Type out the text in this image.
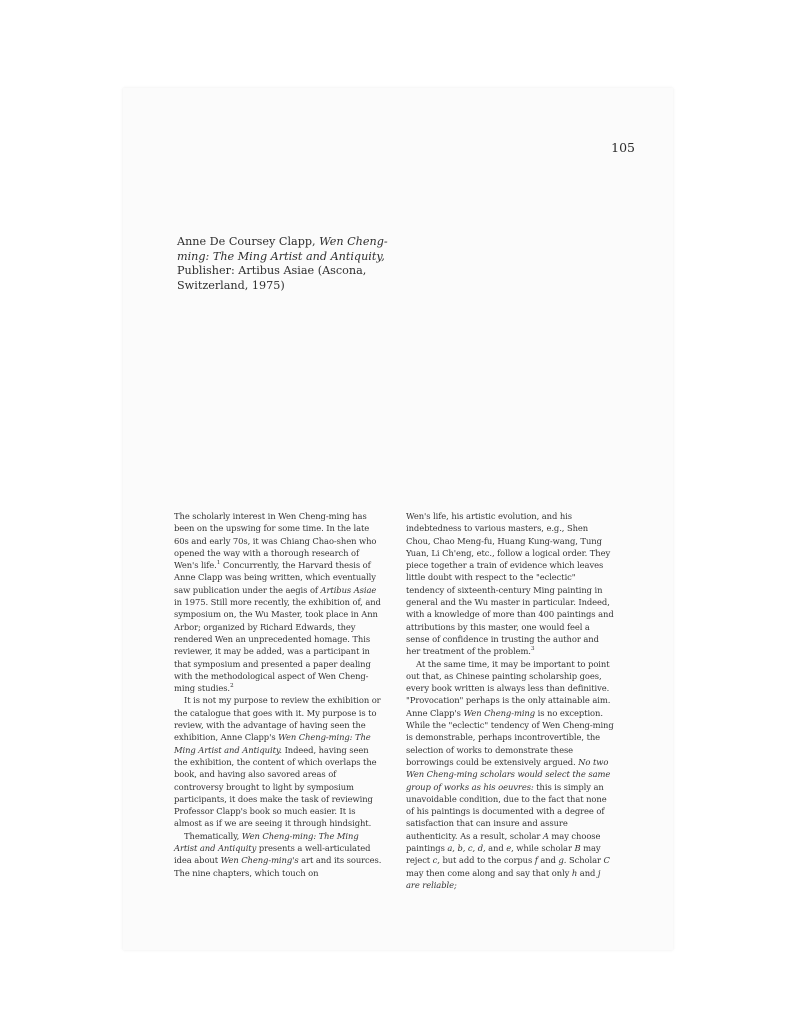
105
Anne De Coursey Clapp, Wen Cheng-ming: The Ming Artist and Antiquity, Publisher: Artibus Asiae (Ascona, Switzerland, 1975)

The scholarly interest in Wen Cheng-ming has been on the upswing for some time. In the late 60s and early 70s, it was Chiang Chao-shen who opened the way with a thorough research of Wen's life.$^1$ Concurrently, the Harvard thesis of Anne Clapp was being written, which eventually saw publication under the aegis of Artibus Asiae in 1975. Still more recently, the exhibition of, and symposium on, the Wu Master, took place in Ann Arbor; organized by Richard Edwards, they rendered Wen an unprecedented homage. This reviewer, it may be added, was a participant in that symposium and presented a paper dealing with the methodological aspect of Wen Cheng-ming studies.$^2$

It is not my purpose to review the exhibition or the catalogue that goes with it. My purpose is to review, with the advantage of having seen the exhibition, Anne Clapp's Wen Cheng-ming: The Ming Artist and Antiquity. Indeed, having seen the exhibition, the content of which overlaps the book, and having also savored areas of controversy brought to light by symposium participants, it does make the task of reviewing Professor Clapp's book so much easier. It is almost as if we are seeing it through hindsight.

Thematically, Wen Cheng-ming: The Ming Artist and Antiquity presents a well-articulated idea about Wen Cheng-ming's art and its sources. The nine chapters, which touch on

Wen's life, his artistic evolution, and his indebtedness to various masters, e.g., Shen Chou, Chao Meng-fu, Huang Kung-wang, Tung Yuan, Li Ch'eng, etc., follow a logical order. They piece together a train of evidence which leaves little doubt with respect to the "eclectic" tendency of sixteenth-century Ming painting in general and the Wu master in particular. Indeed, with a knowledge of more than 400 paintings and attributions by this master, one would feel a sense of confidence in trusting the author and her treatment of the problem.$^3$

At the same time, it may be important to point out that, as Chinese painting scholarship goes, every book written is always less than definitive. "Provocation" perhaps is the only attainable aim. Anne Clapp's Wen Cheng-ming is no exception. While the "eclectic" tendency of Wen Cheng-ming is demonstrable, perhaps incontrovertible, the selection of works to demonstrate these borrowings could be extensively argued. No two Wen Cheng-ming scholars would select the same group of works as his oeuvres: this is simply an unavoidable condition, due to the fact that none of his paintings is documented with a degree of satisfaction that can insure and assure authenticity. As a result, scholar A may choose paintings a, b, c, d, and e, while scholar B may reject c, but add to the corpus f and g. Scholar C may then come along and say that only h and j are reliable;
